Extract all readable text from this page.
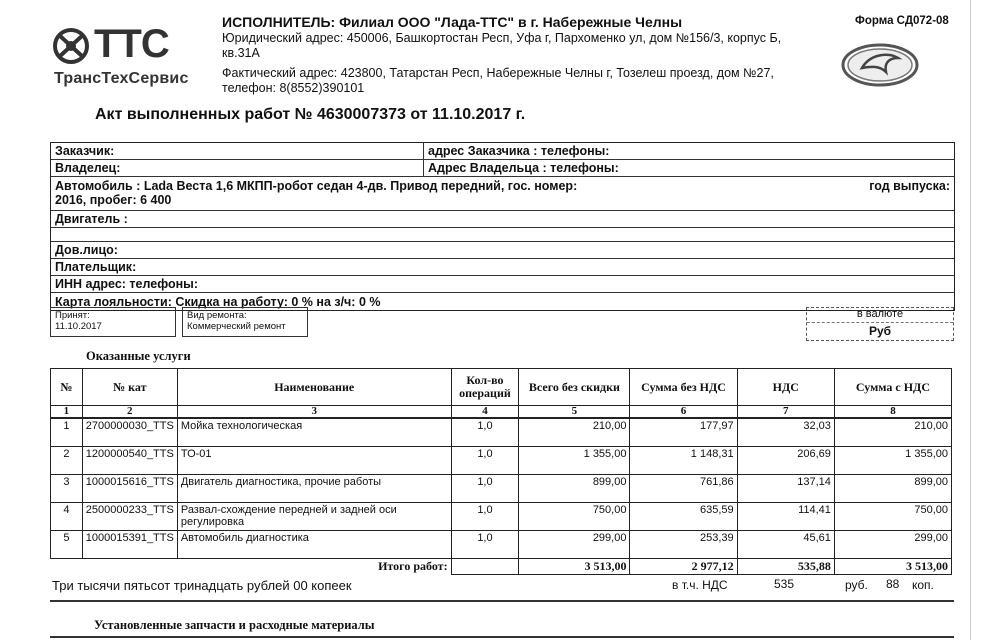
ТТС
ТрансТехСервис
ИСПОЛНИТЕЛЬ: Филиал ООО "Лада-ТТС" в г. Набережные Челны
Юридический адрес: 450006, Башкортостан Респ, Уфа г, Пархоменко ул, дом №156/3, корпус Б, кв.31А
Фактический адрес: 423800, Татарстан Респ, Набережные Челны г, Тозелеш проезд, дом №27, телефон: 8(8552)390101
Форма СД072-08
Акт выполненных работ № 4630007373 от 11.10.2017 г.
Заказчик:	адрес Заказчика : телефоны:
Владелец:	Адрес Владельца : телефоны:
Автомобиль : Lada Веста 1,6 МКПП-робот седан 4-дв. Привод передний, гос. номер:	год выпуска:
2016, пробег: 6 400
Двигатель :
Дов.лицо:
Плательщик:
ИНН адрес: телефоны:
Карта лояльности: Скидка на работу: 0 % на з/ч: 0 %
Принят:
11.10.2017
Вид ремонта:
Коммерческий ремонт
в валюте
Руб
Оказанные услуги
№	№ кат	Наименование	Кол-во операций	Всего без скидки	Сумма без НДС	НДС	Сумма с НДС
1	2	3	4	5	6	7	8
1	2700000030_TTS	Мойка технологическая	1,0	210,00	177,97	32,03	210,00
2	1200000540_TTS	ТО-01	1,0	1 355,00	1 148,31	206,69	1 355,00
3	1000015616_TTS	Двигатель диагностика, прочие работы	1,0	899,00	761,86	137,14	899,00
4	2500000233_TTS	Развал-схождение передней и задней оси регулировка	1,0	750,00	635,59	114,41	750,00
5	1000015391_TTS	Автомобиль диагностика	1,0	299,00	253,39	45,61	299,00
Итого работ:				3 513,00	2 977,12	535,88	3 513,00
Три тысячи пятьсот тринадцать рублей 00 копеек	в т.ч. НДС	535	руб. 88 коп.
Установленные запчасти и расходные материалы
